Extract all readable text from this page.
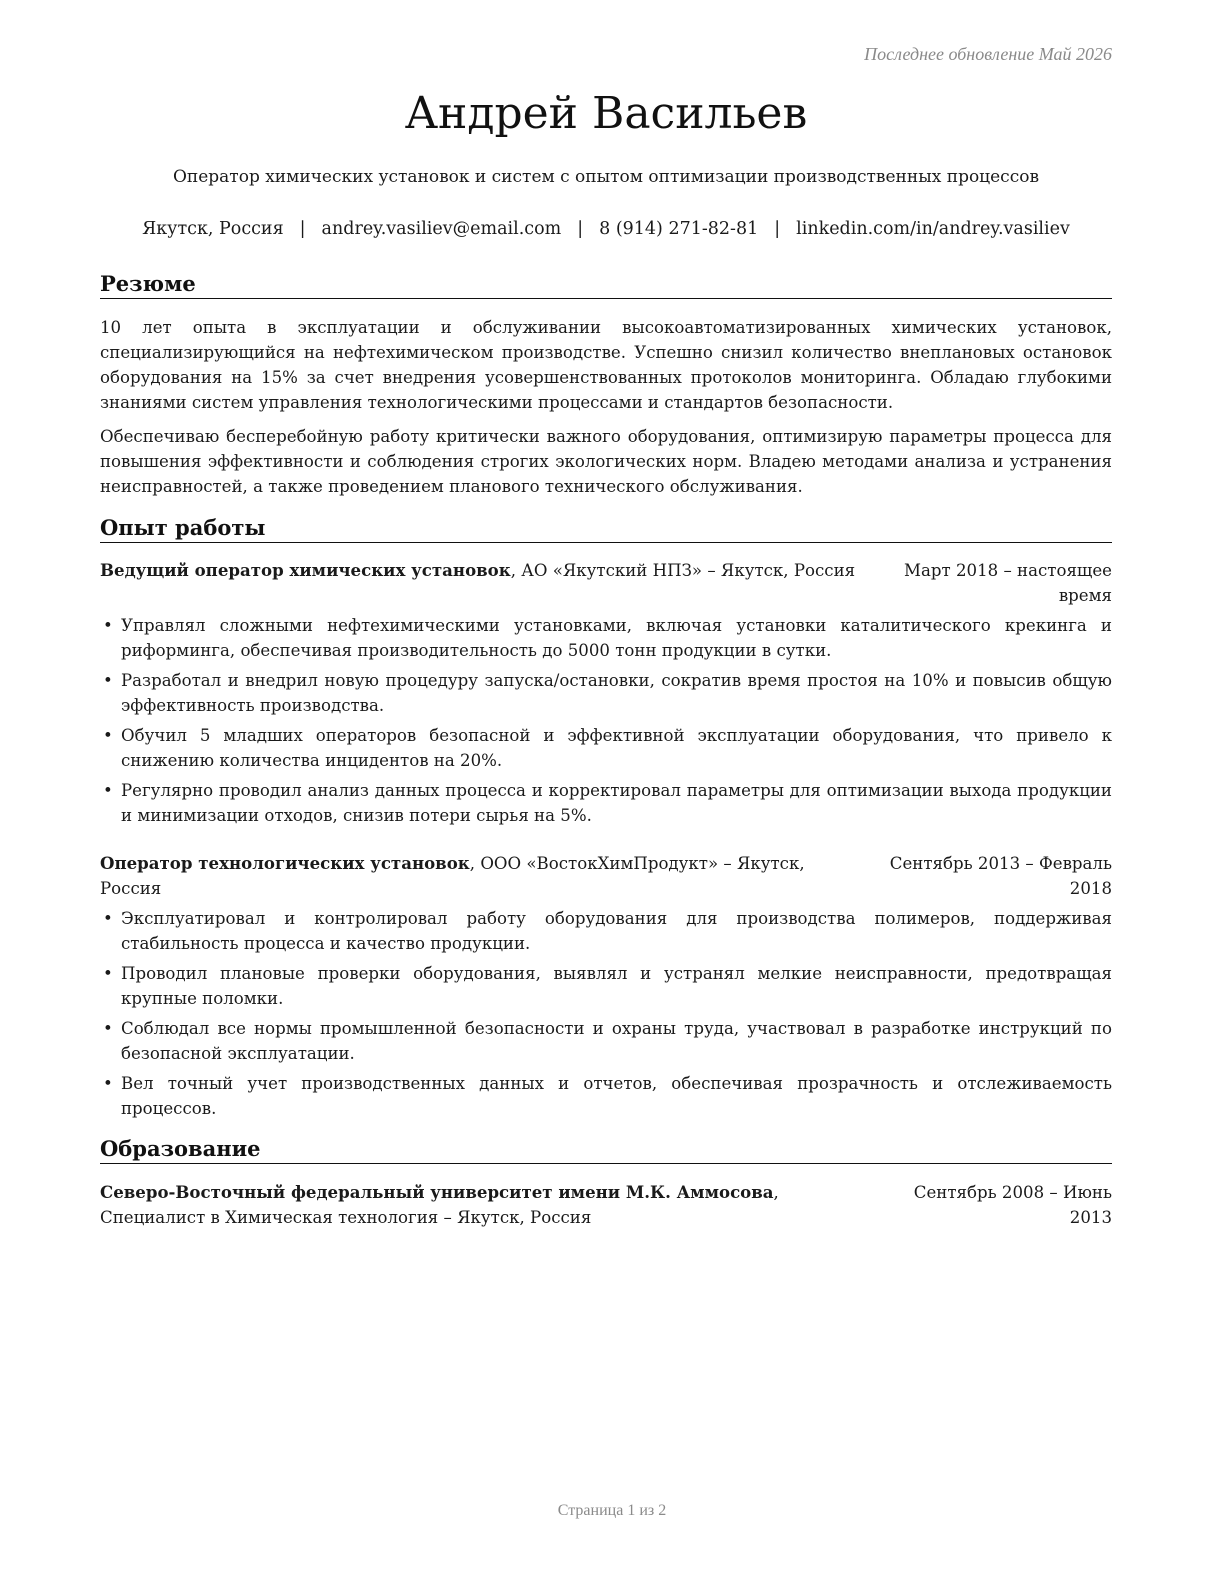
Последнее обновление Май 2026
Андрей Васильев
Оператор химических установок и систем с опытом оптимизации производственных процессов
Якутск, Россия | andrey.vasiliev@email.com | 8 (914) 271-82-81 | linkedin.com/in/andrey.vasiliev
Резюме

10 лет опыта в эксплуатации и обслуживании высокоавтоматизированных химических установок, специализирующийся на нефтехимическом производстве. Успешно снизил количество внеплановых остановок оборудования на 15% за счет внедрения усовершенствованных протоколов мониторинга. Обладаю глубокими знаниями систем управления технологическими процессами и стандартов безопасности.

Обеспечиваю бесперебойную работу критически важного оборудования, оптимизирую параметры процесса для повышения эффективности и соблюдения строгих экологических норм. Владею методами анализа и устранения неисправностей, а также проведением планового технического обслуживания.

Опыт работы
Ведущий оператор химических установок, АО «Якутский НПЗ» – Якутск, Россия	Март 2018 – настоящее время
• Управлял сложными нефтехимическими установками, включая установки каталитического крекинга и риформинга, обеспечивая производительность до 5000 тонн продукции в сутки.
• Разработал и внедрил новую процедуру запуска/остановки, сократив время простоя на 10% и повысив общую эффективность производства.
• Обучил 5 младших операторов безопасной и эффективной эксплуатации оборудования, что привело к снижению количества инцидентов на 20%.
• Регулярно проводил анализ данных процесса и корректировал параметры для оптимизации выхода продукции и минимизации отходов, снизив потери сырья на 5%.
Оператор технологических установок, ООО «ВостокХимПродукт» – Якутск, Россия
Сентябрь 2013 – Февраль 2018
• Эксплуатировал и контролировал работу оборудования для производства полимеров, поддерживая стабильность процесса и качество продукции.
• Проводил плановые проверки оборудования, выявлял и устранял мелкие неисправности, предотвращая крупные поломки.
• Соблюдал все нормы промышленной безопасности и охраны труда, участвовал в разработке инструкций по безопасной эксплуатации.
• Вел точный учет производственных данных и отчетов, обеспечивая прозрачность и отслеживаемость процессов.
Образование
Северо-Восточный федеральный университет имени М.К. Аммосова, Специалист в Химическая технология – Якутск, Россия
Сентябрь 2008 – Июнь 2013
Страница 1 из 2
